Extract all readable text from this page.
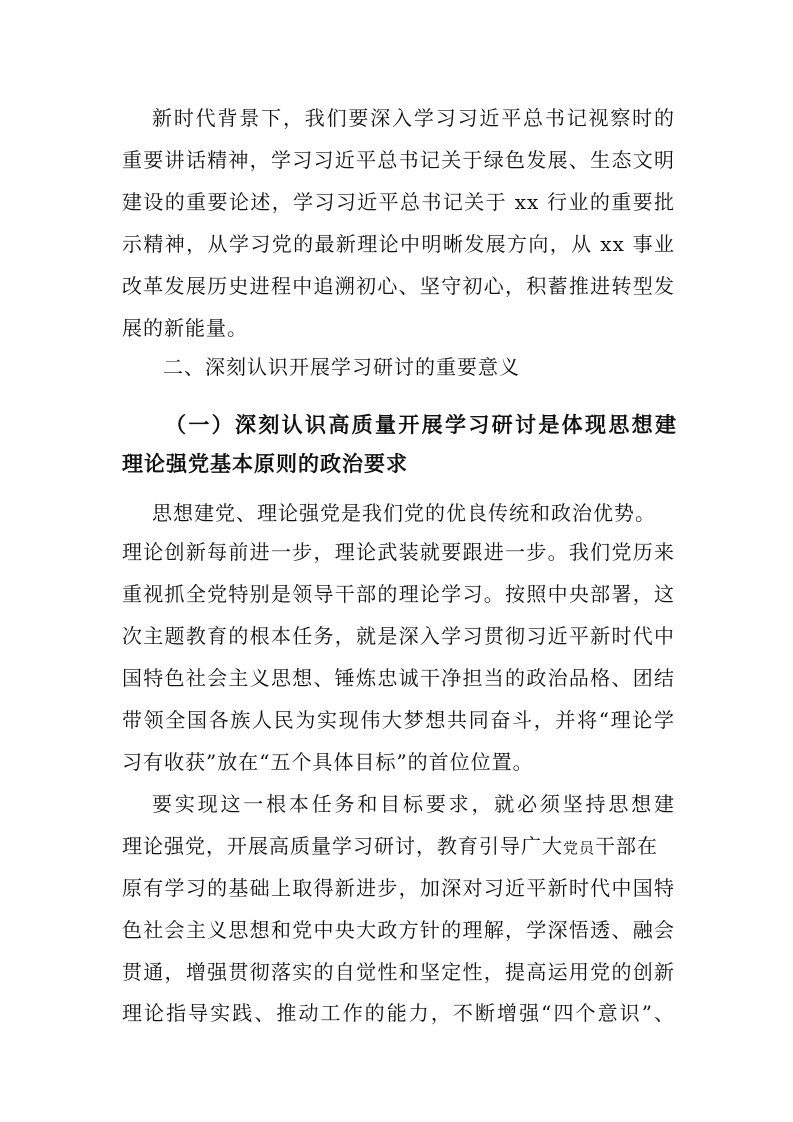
新时代背景下，我们要深入学习习近平总书记视察时的
重要讲话精神，学习习近平总书记关于绿色发展、生态文明
建设的重要论述，学习习近平总书记关于 xx 行业的重要批
示精神，从学习党的最新理论中明晰发展方向，从 xx 事业
改革发展历史进程中追溯初心、坚守初心，积蓄推进转型发
展的新能量。
二、深刻认识开展学习研讨的重要意义
（一）深刻认识高质量开展学习研讨是体现思想建
理论强党基本原则的政治要求
思想建党、理论强党是我们党的优良传统和政治优势。
理论创新每前进一步，理论武装就要跟进一步。我们党历来
重视抓全党特别是领导干部的理论学习。按照中央部署，这
次主题教育的根本任务，就是深入学习贯彻习近平新时代中
国特色社会主义思想、锤炼忠诚干净担当的政治品格、团结
带领全国各族人民为实现伟大梦想共同奋斗，并将“理论学
习有收获”放在“五个具体目标”的首位位置。
要实现这一根本任务和目标要求，就必须坚持思想建
理论强党，开展高质量学习研讨，教育引导广大党员干部在
原有学习的基础上取得新进步，加深对习近平新时代中国特
色社会主义思想和党中央大政方针的理解，学深悟透、融会
贯通，增强贯彻落实的自觉性和坚定性，提高运用党的创新
理论指导实践、推动工作的能力，不断增强“四个意识”、
